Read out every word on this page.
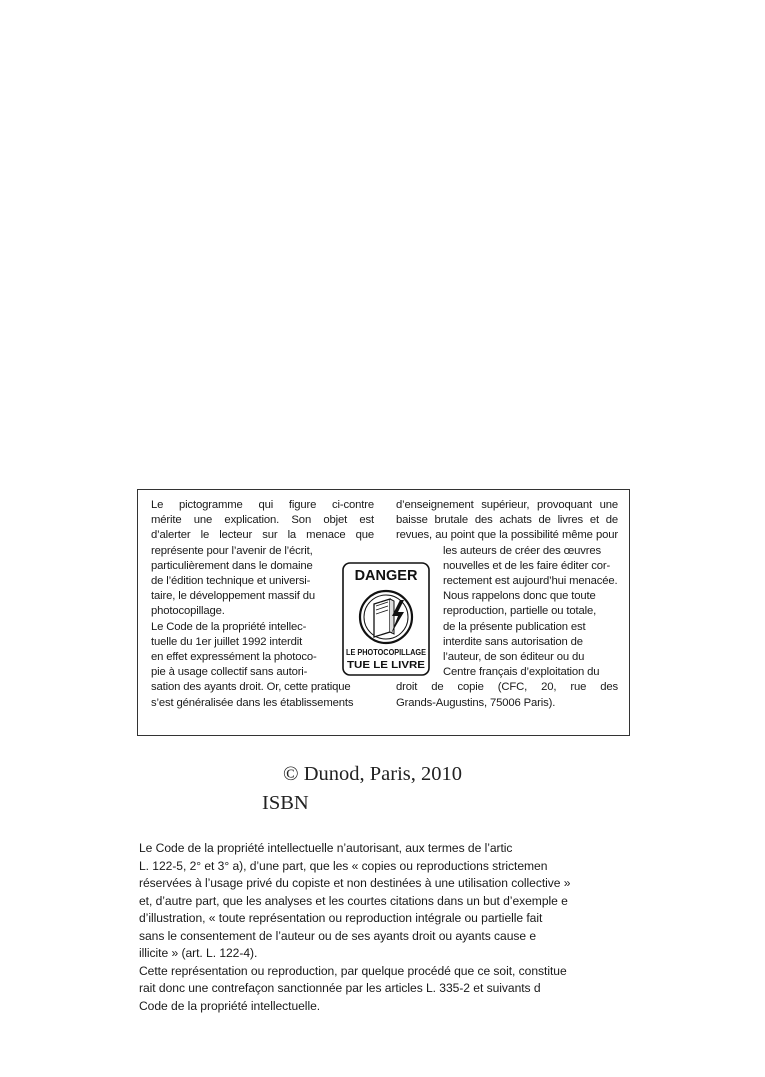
Le pictogramme qui figure ci-contre
mérite une explication. Son objet est
d’alerter le lecteur sur la menace que
représente pour l’avenir de l’écrit,
particulièrement dans le domaine
de l’édition technique et universi-
taire, le développement massif du
photocopillage.
Le Code de la propriété intellec-
tuelle du 1er juillet 1992 interdit
en effet expressément la photoco-
pie à usage collectif sans autori-
sation des ayants droit. Or, cette pratique
s’est généralisée dans les établissements
d’enseignement supérieur, provoquant une
baisse brutale des achats de livres et de
revues, au point que la possibilité même pour
les auteurs de créer des œuvres
nouvelles et de les faire éditer cor-
rectement est aujourd’hui menacée.
Nous rappelons donc que toute
reproduction, partielle ou totale,
de la présente publication est
interdite sans autorisation de
l’auteur, de son éditeur ou du
Centre français d’exploitation du
droit de copie (CFC, 20, rue des
Grands-Augustins, 75006 Paris).
DANGER
LE PHOTOCOPILLAGE
TUE LE LIVRE

© Dunod, Paris, 2010

ISBN

Le Code de la propriété intellectuelle n’autorisant, aux termes de l’artic
L. 122-5, 2° et 3° a), d’une part, que les « copies ou reproductions strictemen
réservées à l’usage privé du copiste et non destinées à une utilisation collective »
et, d’autre part, que les analyses et les courtes citations dans un but d’exemple e
d’illustration, « toute représentation ou reproduction intégrale ou partielle fait
sans le consentement de l’auteur ou de ses ayants droit ou ayants cause e
illicite » (art. L. 122-4).
Cette représentation ou reproduction, par quelque procédé que ce soit, constitue
rait donc une contrefaçon sanctionnée par les articles L. 335-2 et suivants d
Code de la propriété intellectuelle.
